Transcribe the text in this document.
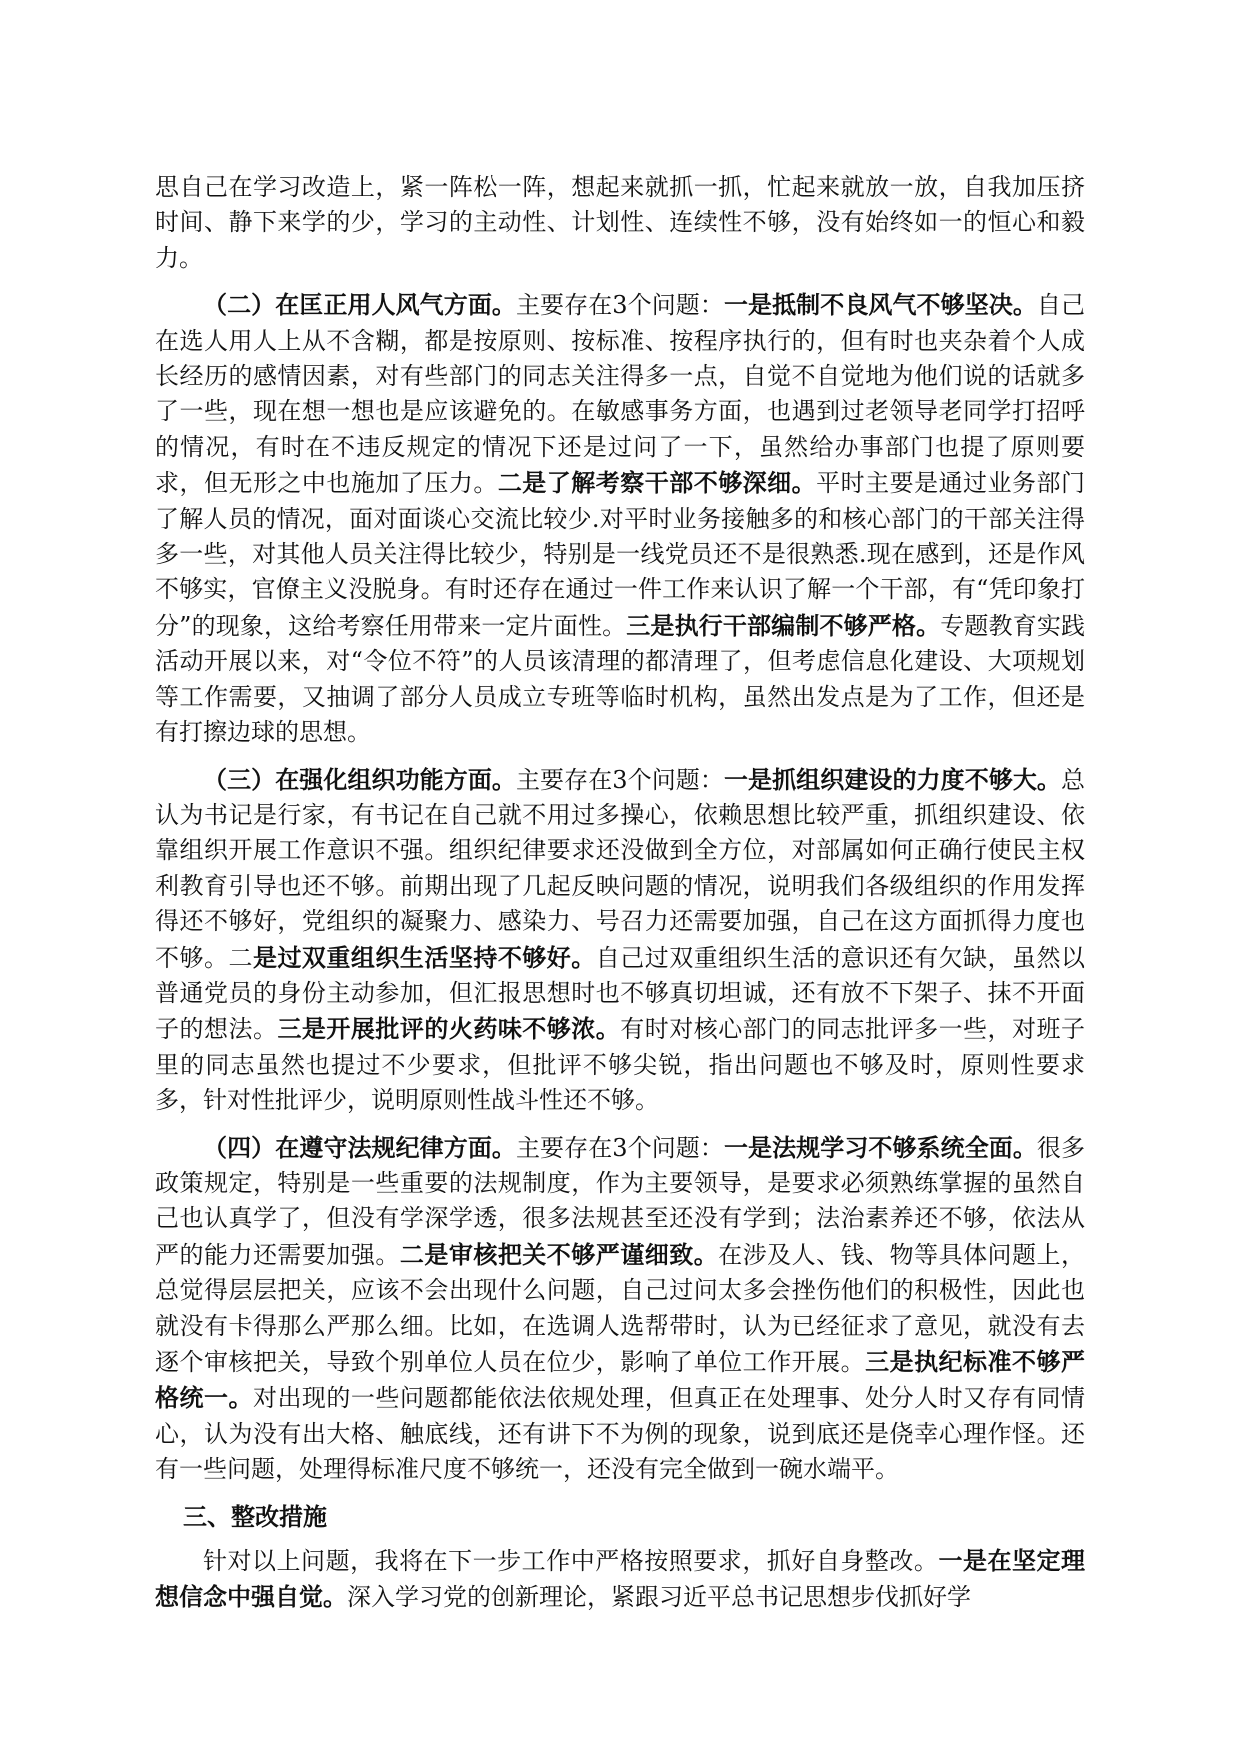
思自己在学习改造上，紧一阵松一阵，想起来就抓一抓，忙起来就放一放，自我加压挤时间、静下来学的少，学习的主动性、计划性、连续性不够，没有始终如一的恒心和毅力。

（二）在匡正用人风气方面。主要存在3个问题：一是抵制不良风气不够坚决。自己在选人用人上从不含糊，都是按原则、按标准、按程序执行的，但有时也夹杂着个人成长经历的感情因素，对有些部门的同志关注得多一点，自觉不自觉地为他们说的话就多了一些，现在想一想也是应该避免的。在敏感事务方面，也遇到过老领导老同学打招呼的情况，有时在不违反规定的情况下还是过问了一下，虽然给办事部门也提了原则要求，但无形之中也施加了压力。二是了解考察干部不够深细。平时主要是通过业务部门了解人员的情况，面对面谈心交流比较少.对平时业务接触多的和核心部门的干部关注得多一些，对其他人员关注得比较少，特别是一线党员还不是很熟悉.现在感到，还是作风不够实，官僚主义没脱身。有时还存在通过一件工作来认识了解一个干部，有“凭印象打分”的现象，这给考察任用带来一定片面性。三是执行干部编制不够严格。专题教育实践活动开展以来，对“令位不符”的人员该清理的都清理了，但考虑信息化建设、大项规划等工作需要，又抽调了部分人员成立专班等临时机构，虽然出发点是为了工作，但还是有打擦边球的思想。

（三）在强化组织功能方面。主要存在3个问题：一是抓组织建设的力度不够大。总认为书记是行家，有书记在自己就不用过多操心，依赖思想比较严重，抓组织建设、依靠组织开展工作意识不强。组织纪律要求还没做到全方位，对部属如何正确行使民主权利教育引导也还不够。前期出现了几起反映问题的情况，说明我们各级组织的作用发挥得还不够好，党组织的凝聚力、感染力、号召力还需要加强，自己在这方面抓得力度也不够。二是过双重组织生活坚持不够好。自己过双重组织生活的意识还有欠缺，虽然以普通党员的身份主动参加，但汇报思想时也不够真切坦诚，还有放不下架子、抹不开面子的想法。三是开展批评的火药味不够浓。有时对核心部门的同志批评多一些，对班子里的同志虽然也提过不少要求，但批评不够尖锐，指出问题也不够及时，原则性要求多，针对性批评少，说明原则性战斗性还不够。

（四）在遵守法规纪律方面。主要存在3个问题：一是法规学习不够系统全面。很多政策规定，特别是一些重要的法规制度，作为主要领导，是要求必须熟练掌握的虽然自己也认真学了，但没有学深学透，很多法规甚至还没有学到；法治素养还不够，依法从严的能力还需要加强。二是审核把关不够严谨细致。在涉及人、钱、物等具体问题上，总觉得层层把关，应该不会出现什么问题，自己过问太多会挫伤他们的积极性，因此也就没有卡得那么严那么细。比如，在选调人选帮带时，认为已经征求了意见，就没有去逐个审核把关，导致个别单位人员在位少，影响了单位工作开展。三是执纪标准不够严格统一。对出现的一些问题都能依法依规处理，但真正在处理事、处分人时又存有同情心，认为没有出大格、触底线，还有讲下不为例的现象，说到底还是侥幸心理作怪。还有一些问题，处理得标准尺度不够统一，还没有完全做到一碗水端平。

三、整改措施

针对以上问题，我将在下一步工作中严格按照要求，抓好自身整改。一是在坚定理想信念中强自觉。深入学习党的创新理论，紧跟习近平总书记思想步伐抓好学
